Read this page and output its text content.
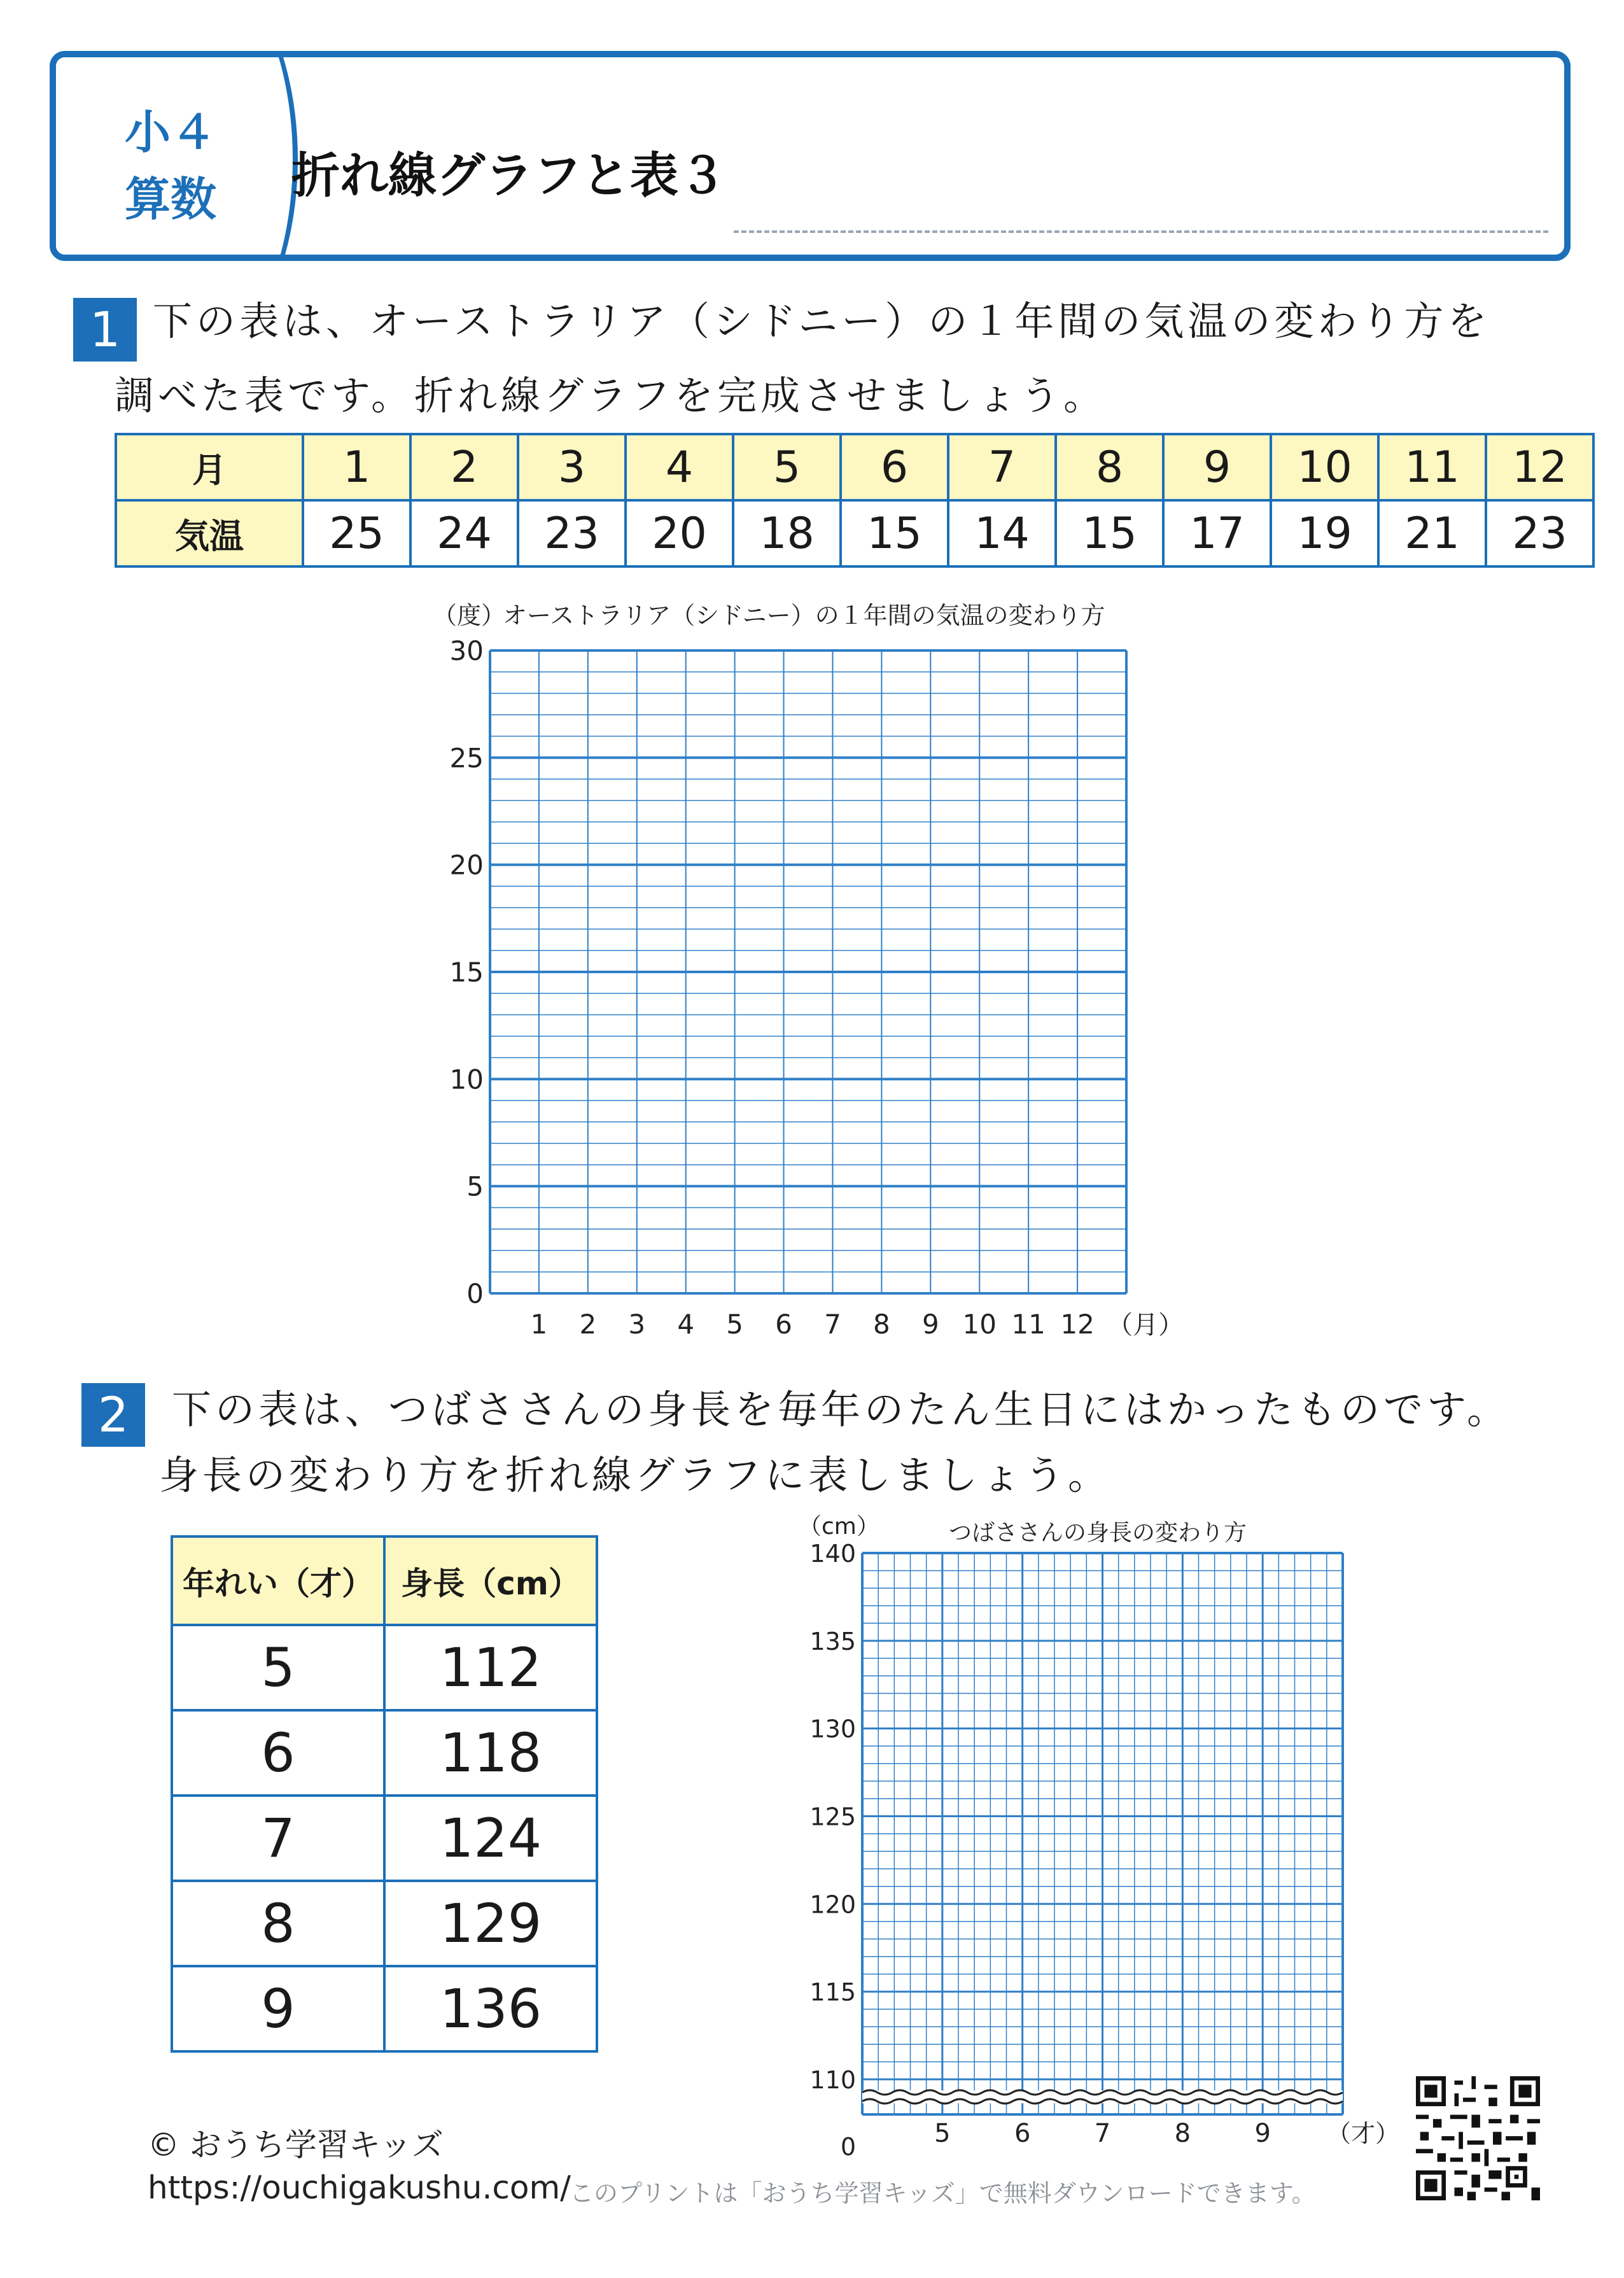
小４
算数	折れ線グラフと表３
1 下の表は、オーストラリア（シドニー）の１年間の気温の変わり方を
調べた表です。折れ線グラフを完成させましょう。
月	1	2	3	4	5	6	7	8	9	10	11	12
気温	25	24	23	20	18	15	14	15	17	19	21	23
（度）
オーストラリア（シドニー）の１年間の気温の変わり方
0
5
10
15
20
25
30
1 2 3 4 5 6 7 8 9 10 11 12 （月）
2	下の表は、つばささんの身長を毎年のたん生日にはかったものです。
身長の変わり方を折れ線グラフに表しましょう。
年れい（才）	身長（cm）
5	112
6	118
7	124
8	129
9	136
（cm）	つばささんの身長の変わり方
0
110
115
120
125
130
135
140
5	6	7	8	9 （才）
© おうち学習キッズ
https://ouchigakushu.com/
このプリントは「おうち学習キッズ」で無料ダウンロードできます。
